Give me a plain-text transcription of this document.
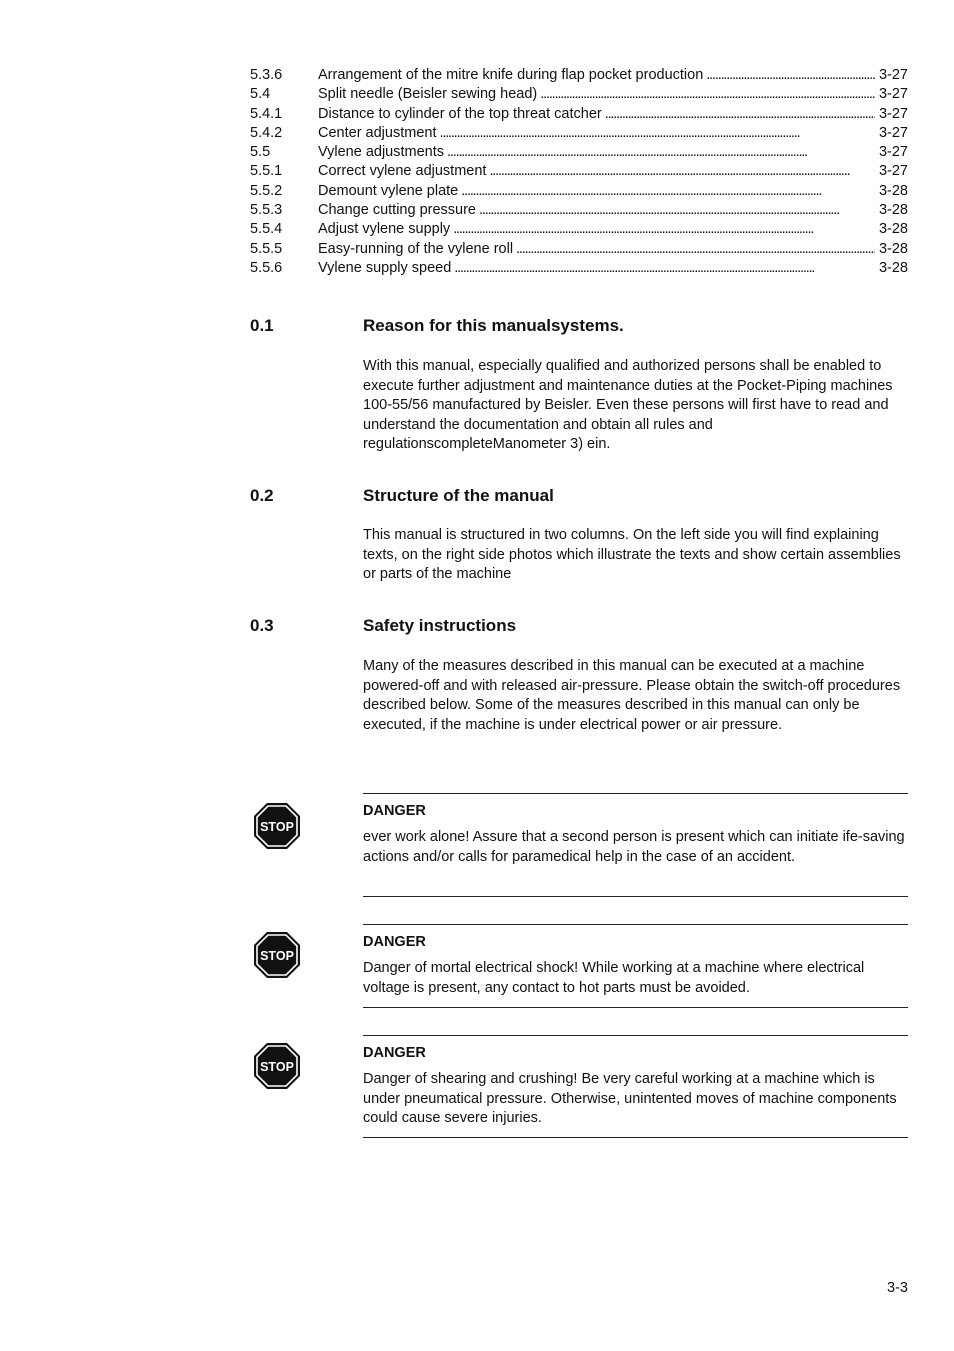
5.3.6	Arrangement of the mitre knife during flap pocket production . . .	3-27
5.4	Split needle (Beisler sewing head) . . .	3-27
5.4.1	Distance to cylinder of the top threat catcher . . .	3-27
5.4.2	Center adjustment . . .	3-27
5.5	Vylene adjustments . . .	3-27
5.5.1	Correct vylene adjustment . . .	3-27
5.5.2	Demount vylene plate . . .	3-28
5.5.3	Change cutting pressure . . .	3-28
5.5.4	Adjust vylene supply . . .	3-28
5.5.5	Easy-running of the vylene roll . . .	3-28
5.5.6	Vylene supply speed . . .	3-28
0.1	Reason for this manualsystems.

With this manual, especially qualified and authorized persons shall be enabled to execute further adjustment and maintenance duties at the Pocket-Piping machines 100-55/56 manufactured by Beisler. Even these persons will first have to read and understand the documentation and obtain all rules and regulationscompleteManometer 3) ein.

0.2	Structure of the manual

This manual is structured in two columns. On the left side you will find explaining texts, on the right side photos which illustrate the texts and show certain assemblies or parts of the machine

0.3	Safety instructions

Many of the measures described in this manual can be executed at a machine powered-off and with released air-pressure. Please obtain the switch-off procedures described below. Some of the measures described in this manual can only be executed, if the machine is under electrical power or air pressure.

STOP
DANGER

ever work alone! Assure that a second person is present which can initiate ife-saving actions and/or calls for paramedical help in the case of an accident.

STOP
DANGER

Danger of mortal electrical shock! While working at a machine where electrical voltage is present, any contact to hot parts must be avoided.

STOP
DANGER

Danger of shearing and crushing! Be very careful working at a machine which is under pneumatical pressure. Otherwise, unintented moves of machine components could cause severe injuries.

3-3
